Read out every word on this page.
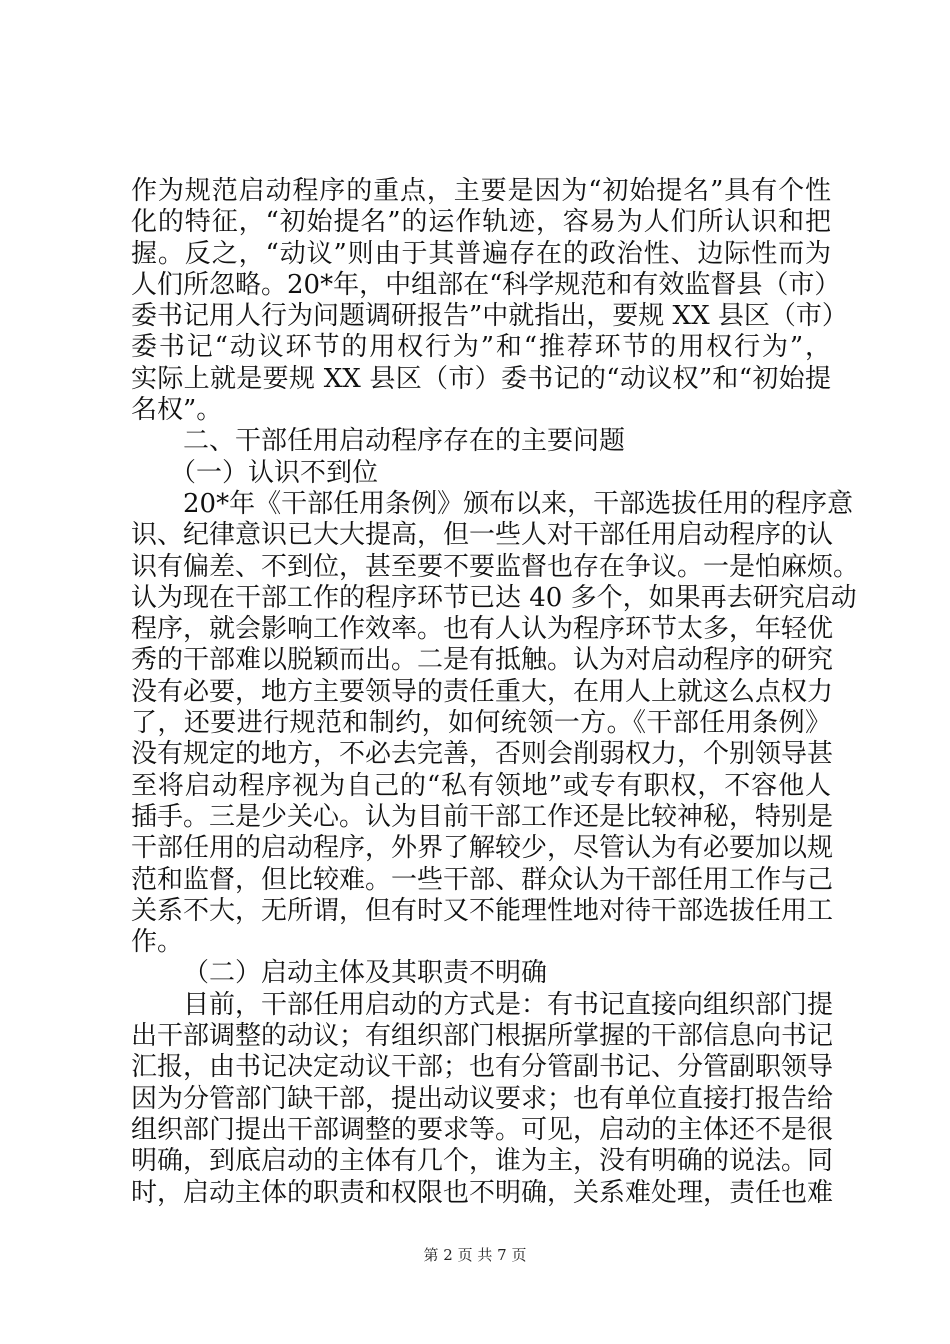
作为规范启动程序的重点，主要是因为“初始提名”具有个性
化的特征，“初始提名”的运作轨迹，容易为人们所认识和把
握。反之，“动议”则由于其普遍存在的政治性、边际性而为
人们所忽略。20*年，中组部在“科学规范和有效监督县（市）
委书记用人行为问题调研报告”中就指出，要规 XX 县区（市）
委书记“动议环节的用权行为”和“推荐环节的用权行为”，
实际上就是要规 XX 县区（市）委书记的“动议权”和“初始提
名权”。
二、干部任用启动程序存在的主要问题
（一）认识不到位
20*年《干部任用条例》颁布以来，干部选拔任用的程序意
识、纪律意识已大大提高，但一些人对干部任用启动程序的认
识有偏差、不到位，甚至要不要监督也存在争议。一是怕麻烦。
认为现在干部工作的程序环节已达 40 多个，如果再去研究启动
程序，就会影响工作效率。也有人认为程序环节太多，年轻优
秀的干部难以脱颖而出。二是有抵触。认为对启动程序的研究
没有必要，地方主要领导的责任重大，在用人上就这么点权力
了，还要进行规范和制约，如何统领一方。《干部任用条例》
没有规定的地方，不必去完善，否则会削弱权力，个别领导甚
至将启动程序视为自己的“私有领地”或专有职权，不容他人
插手。三是少关心。认为目前干部工作还是比较神秘，特别是
干部任用的启动程序，外界了解较少，尽管认为有必要加以规
范和监督，但比较难。一些干部、群众认为干部任用工作与己
关系不大，无所谓，但有时又不能理性地对待干部选拔任用工
作。
（二）启动主体及其职责不明确
目前，干部任用启动的方式是：有书记直接向组织部门提
出干部调整的动议；有组织部门根据所掌握的干部信息向书记
汇报，由书记决定动议干部；也有分管副书记、分管副职领导
因为分管部门缺干部，提出动议要求；也有单位直接打报告给
组织部门提出干部调整的要求等。可见，启动的主体还不是很
明确，到底启动的主体有几个，谁为主，没有明确的说法。同
时，启动主体的职责和权限也不明确，关系难处理，责任也难
第 2 页 共 7 页
